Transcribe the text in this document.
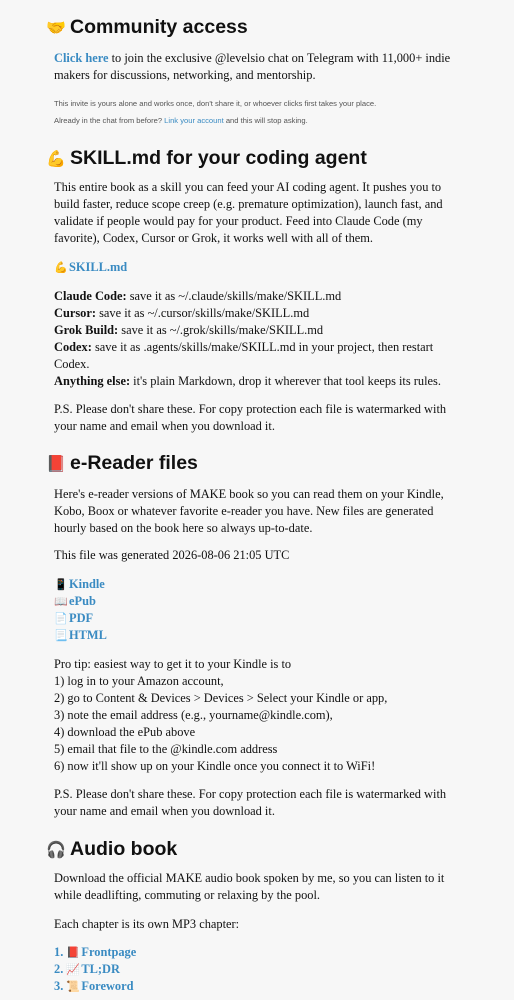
🤝 Community access
Click here to join the exclusive @levelsio chat on Telegram with 11,000+ indie makers for discussions, networking, and mentorship.
This invite is yours alone and works once, don't share it, or whoever clicks first takes your place.
Already in the chat from before? Link your account and this will stop asking.
💪 SKILL.md for your coding agent
This entire book as a skill you can feed your AI coding agent. It pushes you to build faster, reduce scope creep (e.g. premature optimization), launch fast, and validate if people would pay for your product. Feed into Claude Code (my favorite), Codex, Cursor or Grok, it works well with all of them.
💪SKILL.md
Claude Code: save it as ~/.claude/skills/make/SKILL.md
Cursor: save it as ~/.cursor/skills/make/SKILL.md
Grok Build: save it as ~/.grok/skills/make/SKILL.md
Codex: save it as .agents/skills/make/SKILL.md in your project, then restart Codex.
Anything else: it's plain Markdown, drop it wherever that tool keeps its rules.
P.S. Please don't share these. For copy protection each file is watermarked with your name and email when you download it.
📕 e-Reader files
Here's e-reader versions of MAKE book so you can read them on your Kindle, Kobo, Boox or whatever favorite e-reader you have. New files are generated hourly based on the book here so always up-to-date.
This file was generated 2026-08-06 21:05 UTC
📱Kindle
📖ePub
📄PDF
📃HTML
Pro tip: easiest way to get it to your Kindle is to
1) log in to your Amazon account,
2) go to Content & Devices > Devices > Select your Kindle or app,
3) note the email address (e.g., yourname@kindle.com),
4) download the ePub above
5) email that file to the @kindle.com address
6) now it'll show up on your Kindle once you connect it to WiFi!
P.S. Please don't share these. For copy protection each file is watermarked with your name and email when you download it.
🎧 Audio book
Download the official MAKE audio book spoken by me, so you can listen to it while deadlifting, commuting or relaxing by the pool.
Each chapter is its own MP3 chapter:
1. 📕Frontpage
2. 📈TL;DR
3. 📜Foreword
